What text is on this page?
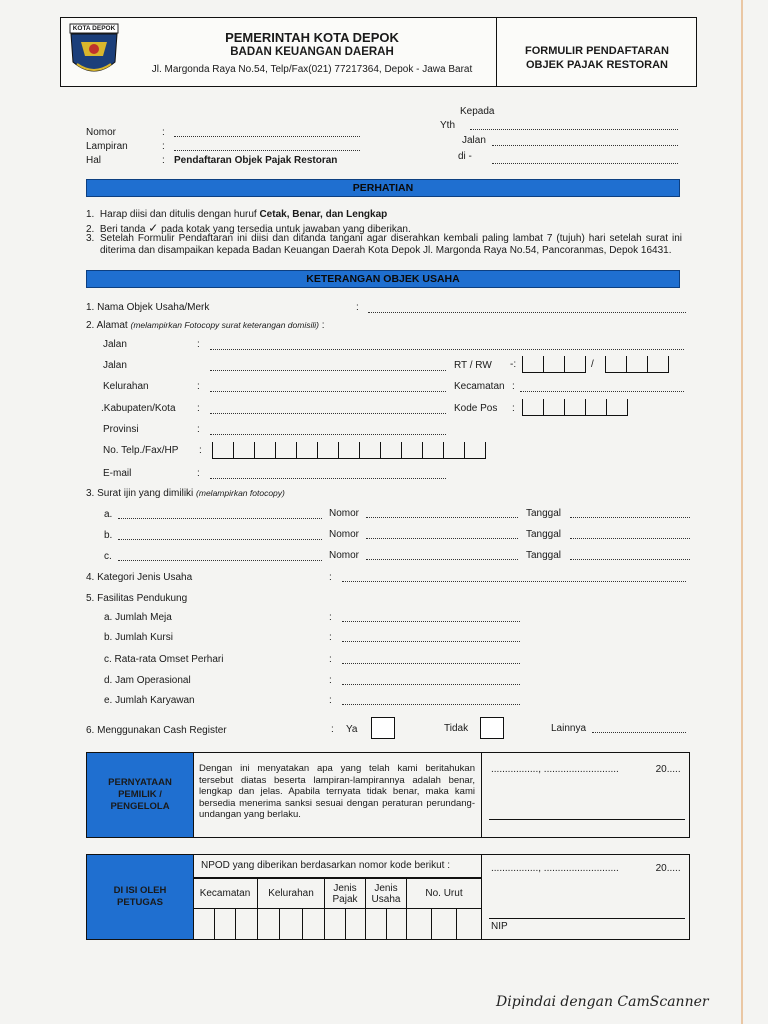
KOTA DEPOK
PEMERINTAH KOTA DEPOK
BADAN KEUANGAN DAERAH
Jl. Margonda Raya No.54, Telp/Fax(021) 77217364, Depok - Jawa Barat
FORMULIR PENDAFTARAN
OBJEK PAJAK RESTORAN
Kepada
Yth
Jalan
di -
Nomor	:
Lampiran	:
Hal	: Pendaftaran Objek Pajak Restoran
PERHATIAN
1. Harap diisi dan ditulis dengan huruf Cetak, Benar, dan Lengkap
2. Beri tanda ✓ pada kotak yang tersedia untuk jawaban yang diberikan.
3. Setelah Formulir Pendaftaran ini diisi dan ditanda tangani agar diserahkan kembali paling lambat 7 (tujuh) hari setelah surat ini diterima dan disampaikan kepada Badan Keuangan Daerah Kota Depok Jl. Margonda Raya No.54, Pancoranmas, Depok 16431.
KETERANGAN OBJEK USAHA
1. Nama Objek Usaha/Merk	:
2. Alamat (melampirkan Fotocopy surat keterangan domisili) :
Jalan	:
Jalan	RT / RW -:	/
Kelurahan	:	Kecamatan :
.Kabupaten/Kota :	Kode Pos :
Provinsi	:
No. Telp./Fax/HP :
E-mail	:
3. Surat ijin yang dimiliki (melampirkan fotocopy)
a.	Nomor	Tanggal
b.	Nomor	Tanggal
c.	Nomor	Tanggal
4. Kategori Jenis Usaha	:
5. Fasilitas Pendukung
a. Jumlah Meja	:
b. Jumlah Kursi	:
c. Rata-rata Omset Perhari	:
d. Jam Operasional	:
e. Jumlah Karyawan	:
6. Menggunakan Cash Register	: Ya	Tidak	Lainnya
PERNYATAAN PEMILIK / PENGELOLA
Dengan ini menyatakan apa yang telah kami beritahukan tersebut diatas beserta lampiran-lampirannya adalah benar, lengkap dan jelas. Apabila ternyata tidak benar, maka kami bersedia menerima sanksi sesuai dengan peraturan perundang-undangan yang berlaku.
................., ...........................	20.....
DI ISI OLEH PETUGAS
NPOD yang diberikan berdasarkan nomor kode berikut :
Kecamatan	Kelurahan	Jenis Pajak	Jenis Usaha	No. Urut

................., ...........................	20.....
NIP
Dipindai dengan CamScanner
